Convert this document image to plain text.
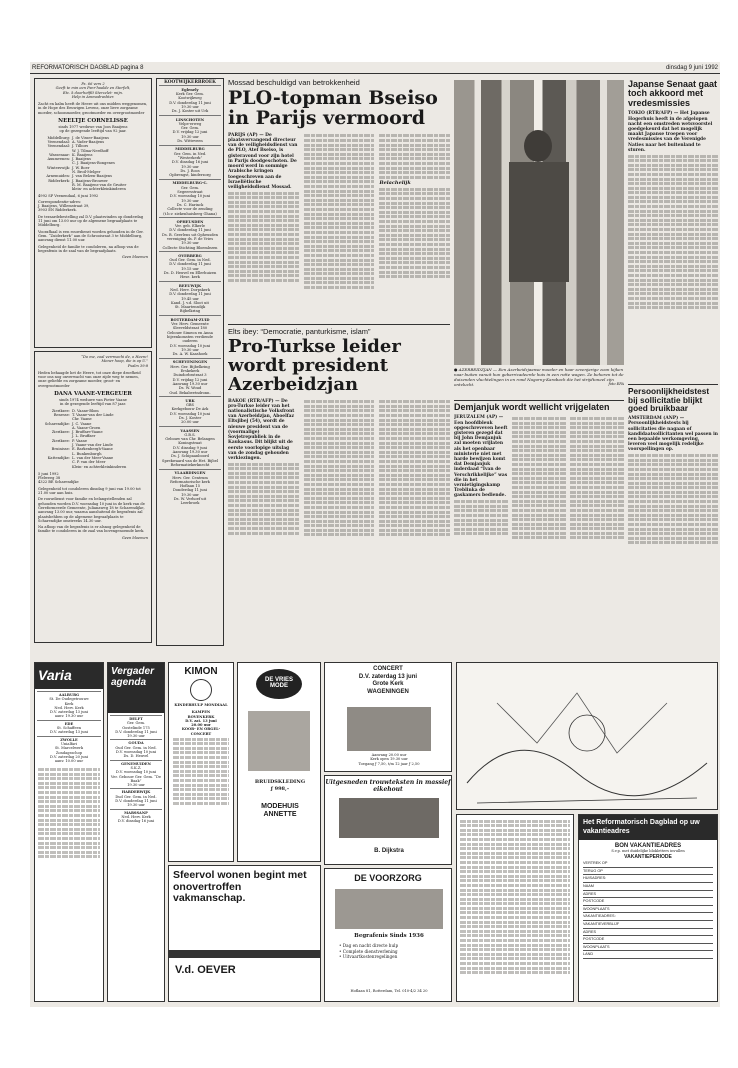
REFORMATORISCH DAGBLAD pagina 8	dinsdag 9 juni 1992
Ps. 66 vers 2
Geeft te min een Psnr’haalde en Sterfelt,
Etc. k doorhetfilt Sterzelet- mijn.
Help in Ammadrashter.
Zacht en kalm heeft de Heere uit ons midden weggenomen, in de Hope des Eeuwigen Levens, onze lieve zorgzame moeder, schoonmoeder, grootmoeder en overgrootmoeder
NEELTJE CORNELISSE
sinds 1977 weduwe van Joos Baaijens
op de gezegende leeftijd van 92 jaar.
Middelburg: J. de Visser-Baaijens
Veenendaal: A. Vader-Baaijens
Veenendaal: J. Tilbors
W. J. Tilma-Nerdhoff
Wassenaar: K. Baaijens
Axumvenen: J. Baaijens
C. J. Baaijens-Bongenes
Winterswijk: J. W. Boer
N. Broil-Melger
Arnemuiden: J. van Belzen-Baaijens
Ridderkerk: J. Baaijens-Brouwer
R. M. Baaijens-van de Gruiter
klein- en achterkleinkinderen
4992 SP Veenendaal, 6 juni 1992
Correspondentie-adres:
J. Baaijens, Willemstraat 39,
3903 EN Ridderkerk.
De teraardebestelling zal D.V. plaatsvinden op donderdag 11 juni om 13.00 uur op de algemene begraafplaats te Middelburg.
Voorafhaal is een rouwdienst worden gehouden in de Ger. Gem. “Zuiderkerk” aan de Schrooisraat 3 te Middelburg, aanvang dienst 11.00 uur.
Gelegenheid de familie te condoleren, na afloop van de begrafenis in de zaal van de begraafplaats.
Geen bloemen
“Do me, zoal verrmachi de, o Heere!
Mener hoop, die is op U.”
Psalm 39:8
Heden behaagde het de Heere, tot onze diepe droefheid voor ons nog onverwacht van onze zijde weg te nemen, onze geliefde en zorgzame moeder, groot- en overgrootmoeder
DANA VAANE-VERGEUER
sinds 1974 weduwe van Pieter Vaane
in de gezegende leeftijd van 87 jaar.
Zierikzee: D. Vaane-Blom
Renesse: T. Vaane-van der Linde
Chr. Vaane
Scharendijke: J. C. Vaane
A. Vaane-Groen
Zierikzee: J. Bruffare-Vaane
J. L. Bruffaer
Zierikzee: P. Vaane
J. Vaane-van der Linde
Bruinisse: E. Barkenbergh-Vaane
L. Bunkenburgh
Kattendijke: L. van der Meer-Vaane
C. P. van der Meer
Klein- en achterkleinkinderen
5 juni 1992
Plelweeg 38
4322 BE Scharendijke
Gelegenheid tot condoleren dinsdag 9 juni van 19.00 tot 21.00 uur aan huis.
De rouwdienst voor familie en belangstellenden zal gehouden worden D.V. woensdag 10 juni in de kerk van de Gereformeerde Gemeente, Julianaweg 18 te Scharendijke, aanvang 13.00 uur, waarna aansluitend de begrafenis zal plaatsbehben op de algemene begraafplaats te Scharendijke omstreeks 14.30 uur.
Na afloop van de begrafenis is er alsnog gelegenheid de familie te condoleren in de zaal van bovengenoemde kerk.
Geen bloemen
KOOTWIJKERBROEK
Eglenely
Kerk Ger. Gem.
Kootwijkweg
D.V. donderdag 11 juni
19.30 uur
Ds. J. Koster uit Urk
LINSCHOTEN
Velpe-erweg
Ger. Gem.
D.V. vrijdag 12 juni
19.30 uur
Ds. Witteveen
MIDDELBURG
Ger. Gem. in Ned.
“Westerkerk”
D.V. dinsdag 16 juni
19.30 uur
Ds. J. Roos
Opbrengst, kinderzorg
MIDDELBURG-C.
Ger. Gem.
Segeersstraat
D.V. woensdag 10 juni
19.30 uur
Ds. C. Harinck
Collecte voor de zending
(t.b.v. ziekenhuisberg Ghana)
OPHEUSDEN
Ver. geb. Elkerle
D.V. donderdag 11 juni
Ds. B. Geerlens uit Opheusden
vereniging ds. P. de Vries
19.30 uur
Collecte Stichting Bloemlezen
OVERBERG
Oud Ger. Gem. in Ned.
D.V. donderdag 11 juni
19.15 uur
Ds. D. Heuvel en Ellerhuizen
Hese. kerk
REEUWIJK
Ned. Herv. Dorpskerk
D.V. donderdag 11 juni
19.45 uur
Kand. J. v.d. Sloot uit
St. Maartensdijk
Bijbelkring
ROTTERDAM-ZUID
Ver. Herv. Gemeente
Sleeveldstraat 180
Gebouw Simeon en Anna
bijeenkomsten verdiende ouderen
D.V. woensdag 10 juni
19.30 uur
Ds. A. W. Kaashoek
SCHEVENINGEN
Herv. Ger. Bijbelkring
Erskekerk
Duindorbsstraat 3
D.V. vrijdag 12 juni
Aanvang 19.30 uur
Ds. W. Woud
Oud. Bekabeetndronn.
URK
GBS
Kerkgebouw De Ark
D.V. woensdag 10 juni
Ds. J. Koster
20.00 uur
VAASSEN
G.B.S.
Gebouw van Chr. Belangen
Koningstraat
D.V. dinsdag 9 juni
Aanvang 19.30 uur
Ds. J. Schipaanboord
Sprekwaard van de Het. Bijbel
Reformatiekerknecht
VLAARDINGEN
Herv. Ger. Centrum
Reformatorische kerk
Hoflaan 15
Donderdag 11 juni
19.30 uur
Ds. W. Verhoef uit
Leerbroek
Mossad beschuldigd van betrokkenheid
PLO-topman Bseiso in Parijs vermoord
PARIJS (AP) — De plaatsvervangend directeur van de veiligheidsdienst van de PLO, Atef Bseiso, is gisteravond voor zijn hotel in Parijs doodgeschoten. De moord werd in sommige Arabische kringen toegeschreven aan de Israeliëtische veiligheidsdienst Mossad.
Belachelijk
● AZERBEIDZJAN — Een Azerbeidzjaanse moeder en haar zevenjarige zoon kijken naar buiten vanuit hun gebarricadeerde huis in een rotte wagen. Ze behoren tot de duizenden vluchtelingen in en rond Nagorny-Karabach die het strijdtoneel zijn ontvlucht.	foto EPA
Japanse Senaat gaat toch akkoord met vredesmissies
TOKIO (RTR/AFP) — Het Japanse Hogerhuis heeft in de afgelopen nacht een omstreden wetsvoorstel goedgekeurd dat het mogelijk maakt Japanse troepen voor vredesmissies van de Verenigde Naties naar het buitenland te sturen.
Elts ibey: “Democratie, panturkisme, islam”
Pro-Turkse leider wordt president Azerbeidzjan
BAKOE (RTR/AFP) — De pro-Turkse leider van het nationalistische Volksfront van Azerbeidzjan, Aboelfaz Eltsjibej (54), wordt de nieuwe president van de (voormalige) Sovjetrepubliek in de Kaukasus. Dit blijkt uit de eerste voorlopige uitslag van de zondag gehouden verkiezingen.
Demjanjuk wordt wellicht vrijgelaten
JERUZALEM (AP) — Een hoofdbleuk opgeschreveven heeft gisteren gezegd dat bij John Demjanjuk zal moeten vrijlaten als het openbaar ministerie niet met harde bewijzen komt dat Demjanjuk inderdaad “Ivan de Verschrikkelijke” was die in het vernietigingskamp Treblinka de gaskamers bediende.
Persoonlijkheidstest bij sollicitatie blijkt goed bruikbaar
AMSTERDAM (ANP) — Persoonlijkheidstests bij sollicitaties die nagaan of kandidaatsollicitanten wel passen in een bepaalde werkomgeving, leveren veel mogelijk redelijke voorspellingen op.
Varia
AALBURG
St. De Oudegetrouwe
Kerk
Ned. Herv. Kerk
D.V. zaterdag 13 juni
aanv. 19.30 uur
EDE
St. Schaffeen
D.V. zaterdag 13 juni
ZWOLLE
Unialfari
St. Marcelwerk
Zondagsschop
D.V. zaterdag 20 juni
aanv. 10.00 uur
Vergader agenda
DELFT
Ger. Gem.
Oostelinde 175
D.V. donderdag 11 juni
19.30 uur
GOUDA
Oud Ger. Gem. in Ned.
D.V. woensdag 10 juni
Ds. D. Heuvel
GENEMUIDEN
S.K.Z.
D.V. woensdag 10 juni
Ver. Gebouw Ger. Gem. “De Baak”
19.30 uur
HARDERWIJK
Dud Ger. Gem. in Ned.
D.V. donderdag 11 juni
19.30 uur
MARSSANP
Ned. Herv. Kerk
D.V. dinsdag 16 juni
KIMON
KINDERHULP MONDIAAL
KAMPEN
ROVENKERK
D.V. zat. 13 juni
20.00 uur
KOOR- EN ORGEL-
CONCERT
DE VRIES MODE
BRUIDSKLEDING
ƒ 998,–
MODEHUIS
ANNETTE
CONCERT
D.V. zaterdag 13 juni
Grote Kerk
WAGENINGEN
Aanvang 20.00 uur
Kerk open 19.30 uur
Toegang ƒ 7,50, t/m 12 jaar ƒ 2,50
Uitgesneden trouwteksten in massief eikehout
B. Dijkstra
DE VOORZORG
Begrafenis Sinds 1936
• Dag en nacht directe hulp
• Complete dienstverlening
• Uitvaartkostenregelingen
Hoflaan 81, Rotterdam, Tel. 010-4/2 34 20
Sfeervol wonen begint met onovertroffen vakmanschap.
V.d. OEVER
Het Reformatorisch Dagblad op uw vakantieadres
BON VAKANTIEADRES
S.v.p. met duidelijke blokletters invullen
VAKANTIEPERIODE
VERTREK OP
TERUG OP
HUISADRES:
NAAM
ADRES
POSTCODE
WOONPLAATS
VAKANTIEADRES:
VAKANTIEVERBLIJF
ADRES
POSTCODE
WOONPLAATS
LAND
